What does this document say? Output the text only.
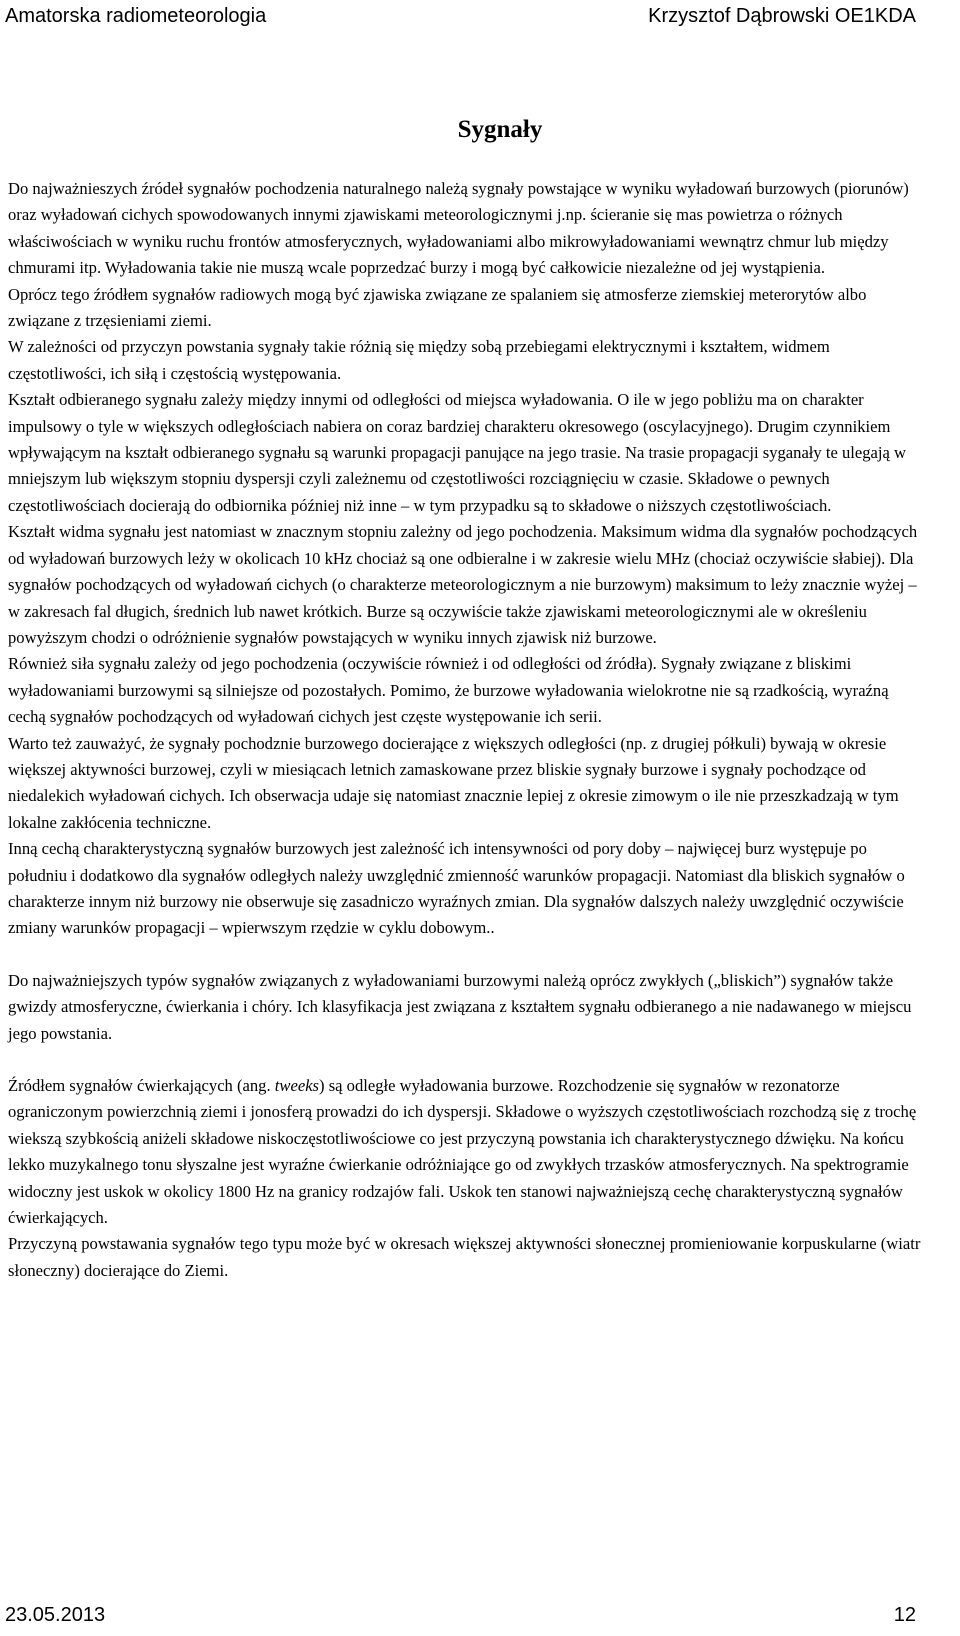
Amatorska radiometeorologia	Krzysztof Dąbrowski OE1KDA
Sygnały

Do najważnieszych źródeł sygnałów pochodzenia naturalnego należą sygnały powstające w wyniku wyładowań burzowych (piorunów) oraz wyładowań cichych spowodowanych innymi zjawiskami meteorologicznymi j.np. ścieranie się mas powietrza o różnych właściwościach w wyniku ruchu frontów atmosferycznych, wyładowaniami albo mikrowyładowaniami wewnątrz chmur lub między chmurami itp. Wyładowania takie nie muszą wcale poprzedzać burzy i mogą być całkowicie niezależne od jej wystąpienia.

Oprócz tego źródłem sygnałów radiowych mogą być zjawiska związane ze spalaniem się atmosferze ziemskiej meterorytów albo związane z trzęsieniami ziemi.

W zależności od przyczyn powstania sygnały takie różnią się między sobą przebiegami elektrycznymi i kształtem, widmem częstotliwości, ich siłą i częstością występowania.

Kształt odbieranego sygnału zależy między innymi od odległości od miejsca wyładowania. O ile w jego pobliżu ma on charakter impulsowy o tyle w większych odległościach nabiera on coraz bardziej charakteru okresowego (oscylacyjnego). Drugim czynnikiem wpływającym na kształt odbieranego sygnału są warunki propagacji panujące na jego trasie. Na trasie propagacji syganały te ulegają w mniejszym lub większym stopniu dyspersji czyli zależnemu od częstotliwości rozciągnięciu w czasie. Składowe o pewnych częstotliwościach docierają do odbiornika później niż inne – w tym przypadku są to składowe o niższych częstotliwościach.

Kształt widma sygnału jest natomiast w znacznym stopniu zależny od jego pochodzenia. Maksimum widma dla sygnałów pochodzących od wyładowań burzowych leży w okolicach 10 kHz chociaż są one odbieralne i w zakresie wielu MHz (chociaż oczywiście słabiej). Dla sygnałów pochodzących od wyładowań cichych (o charakterze meteorologicznym a nie burzowym) maksimum to leży znacznie wyżej – w zakresach fal długich, średnich lub nawet krótkich. Burze są oczywiście także zjawiskami meteorologicznymi ale w określeniu powyższym chodzi o odróżnienie sygnałów powstających w wyniku innych zjawisk niż burzowe.

Również siła sygnału zależy od jego pochodzenia (oczywiście również i od odległości od źródła). Sygnały związane z bliskimi wyładowaniami burzowymi są silniejsze od pozostałych. Pomimo, że burzowe wyładowania wielokrotne nie są rzadkością, wyraźną cechą sygnałów pochodzących od wyładowań cichych jest częste występowanie ich serii.

Warto też zauważyć, że sygnały pochodznie burzowego docierające z większych odległości (np. z drugiej półkuli) bywają w okresie większej aktywności burzowej, czyli w miesiącach letnich zamaskowane przez bliskie sygnały burzowe i sygnały pochodzące od niedalekich wyładowań cichych. Ich obserwacja udaje się natomiast znacznie lepiej z okresie zimowym o ile nie przeszkadzają w tym lokalne zakłócenia techniczne.

Inną cechą charakterystyczną sygnałów burzowych jest zależność ich intensywności od pory doby – najwięcej burz występuje po południu i dodatkowo dla sygnałów odległych należy uwzględnić zmienność warunków propagacji. Natomiast dla bliskich sygnałów o charakterze innym niż burzowy nie obserwuje się zasadniczo wyraźnych zmian. Dla sygnałów dalszych należy uwzględnić oczywiście zmiany warunków propagacji – wpierwszym rzędzie w cyklu dobowym..

Do najważniejszych typów sygnałów związanych z wyładowaniami burzowymi należą oprócz zwykłych („bliskich”) sygnałów także gwizdy atmosferyczne, ćwierkania i chóry. Ich klasyfikacja jest związana z kształtem sygnału odbieranego a nie nadawanego w miejscu jego powstania.

Źródłem sygnałów ćwierkających (ang. tweeks) są odległe wyładowania burzowe. Rozchodzenie się sygnałów w rezonatorze ograniczonym powierzchnią ziemi i jonosferą prowadzi do ich dyspersji. Składowe o wyższych częstotliwościach rozchodzą się z trochę wiekszą szybkością aniżeli składowe niskoczęstotliwościowe co jest przyczyną powstania ich charakterystycznego dźwięku. Na końcu lekko muzykalnego tonu słyszalne jest wyraźne ćwierkanie odróżniające go od zwykłych trzasków atmosferycznych. Na spektrogramie widoczny jest uskok w okolicy 1800 Hz na granicy rodzajów fali. Uskok ten stanowi najważniejszą cechę charakterystyczną sygnałów ćwierkających.

Przyczyną powstawania sygnałów tego typu może być w okresach większej aktywności słonecznej promieniowanie korpuskularne (wiatr słoneczny) docierające do Ziemi.

23.05.2013	12
